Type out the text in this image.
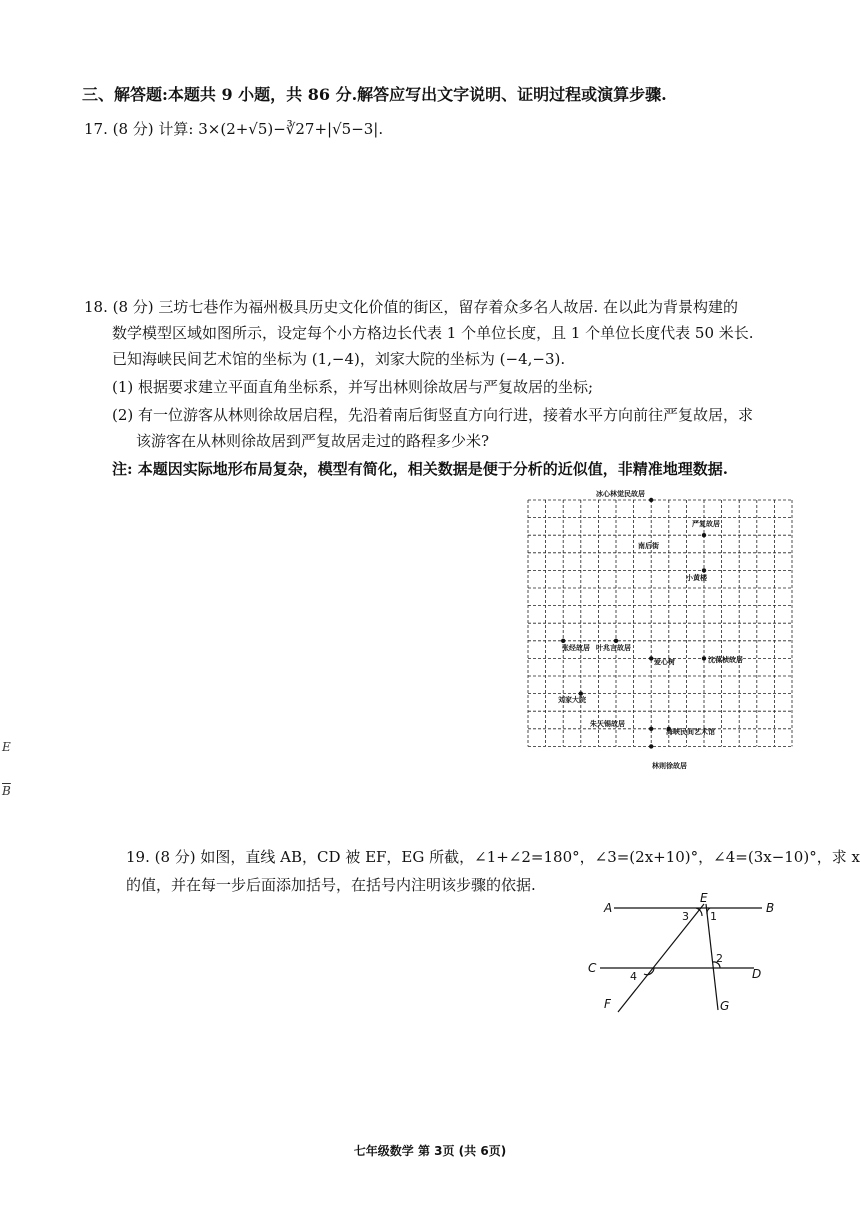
三、解答题:本题共 9 小题，共 86 分.解答应写出文字说明、证明过程或演算步骤.
17. (8 分) 计算: 3×(2+√5)−∛27+|√5−3|.
18. (8 分) 三坊七巷作为福州极具历史文化价值的街区，留存着众多名人故居. 在以此为背景构建的
数学模型区域如图所示，设定每个小方格边长代表 1 个单位长度，且 1 个单位长度代表 50 米长.
已知海峡民间艺术馆的坐标为 (1,−4)，刘家大院的坐标为 (−4,−3).
(1) 根据要求建立平面直角坐标系，并写出林则徐故居与严复故居的坐标;
(2) 有一位游客从林则徐故居启程，先沿着南后街竖直方向行进，接着水平方向前往严复故居，求
该游客在从林则徐故居到严复故居走过的路程多少米?
注: 本题因实际地形布局复杂，模型有简化，相关数据是便于分析的近似值，非精准地理数据.
冰心林觉民故居
严复故居
南后街
小黄楼
张经故居 叶兆言故居
爱心树	沈葆桢故居
刘家大院
朱天锡故居
海峡民间艺术馆
林则徐故居
19. (8 分) 如图，直线 AB，CD 被 EF，EG 所截，∠1+∠2=180°，∠3=(2x+10)°，∠4=(3x−10)°，求 x
的值，并在每一步后面添加括号，在括号内注明该步骤的依据.
A	B
C	D
E
F	G
1
2
3
4
E
$\overline{B}$
七年级数学 第 3页 (共 6页)
